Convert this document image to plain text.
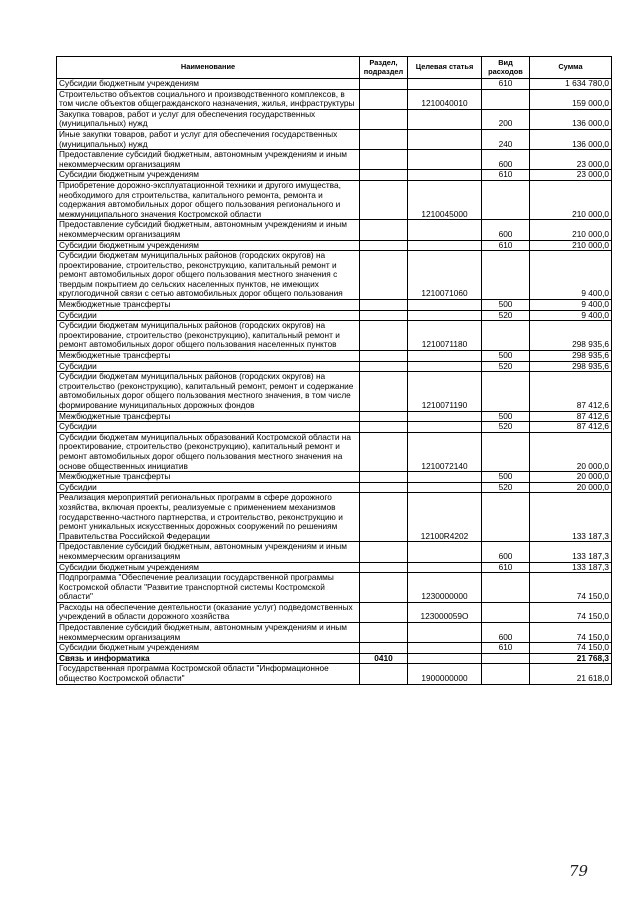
Наименование	Раздел, подраздел	Целевая статья	Вид расходов	Сумма
Субсидии бюджетным учреждениям			610	1 634 780,0
Строительство объектов социального и производственного комплексов, в том числе объектов общегражданского назначения, жилья, инфраструктуры		1210040010		159 000,0
Закупка товаров, работ и услуг для обеспечения государственных (муниципальных) нужд			200	136 000,0
Иные закупки товаров, работ и услуг для обеспечения государственных (муниципальных) нужд			240	136 000,0
Предоставление субсидий бюджетным, автономным учреждениям и иным некоммерческим организациям			600	23 000,0
Субсидии бюджетным учреждениям			610	23 000,0
Приобретение дорожно-эксплуатационной техники и другого имущества, необходимого для строительства, капитального ремонта, ремонта и содержания автомобильных дорог общего пользования регионального и межмуниципального значения Костромской области		1210045000		210 000,0
Предоставление субсидий бюджетным, автономным учреждениям и иным некоммерческим организациям			600	210 000,0
Субсидии бюджетным учреждениям			610	210 000,0
Субсидии бюджетам муниципальных районов (городских округов) на проектирование, строительство, реконструкцию, капитальный ремонт и ремонт автомобильных дорог общего пользования местного значения с твердым покрытием до сельских населенных пунктов, не имеющих круглогодичной связи с сетью автомобильных дорог общего пользования		1210071060		9 400,0
Межбюджетные трансферты			500	9 400,0
Субсидии			520	9 400,0
Субсидии бюджетам муниципальных районов (городских округов) на проектирование, строительство (реконструкцию), капитальный ремонт и ремонт автомобильных дорог общего пользования населенных пунктов		1210071180		298 935,6
Межбюджетные трансферты			500	298 935,6
Субсидии			520	298 935,6
Субсидии бюджетам муниципальных районов (городских округов) на строительство (реконструкцию), капитальный ремонт, ремонт и содержание автомобильных дорог общего пользования местного значения, в том числе формирование муниципальных дорожных фондов		1210071190		87 412,6
Межбюджетные трансферты			500	87 412,6
Субсидии			520	87 412,6
Субсидии бюджетам муниципальных образований Костромской области на проектирование, строительство (реконструкцию), капитальный ремонт и ремонт автомобильных дорог общего пользования местного значения на основе общественных инициатив		1210072140		20 000,0
Межбюджетные трансферты			500	20 000,0
Субсидии			520	20 000,0
Реализация мероприятий региональных программ в сфере дорожного хозяйства, включая проекты, реализуемые с применением механизмов государственно-частного партнерства, и строительство, реконструкцию и ремонт уникальных искусственных дорожных сооружений по решениям Правительства Российской Федерации		12100R4202		133 187,3
Предоставление субсидий бюджетным, автономным учреждениям и иным некоммерческим организациям			600	133 187,3
Субсидии бюджетным учреждениям			610	133 187,3
Подпрограмма "Обеспечение реализации государственной программы Костромской области "Развитие транспортной системы Костромской области"		1230000000		74 150,0
Расходы на обеспечение деятельности (оказание услуг) подведомственных учреждений в области дорожного хозяйства		123000059O		74 150,0
Предоставление субсидий бюджетным, автономным учреждениям и иным некоммерческим организациям			600	74 150,0
Субсидии бюджетным учреждениям			610	74 150,0
Связь и информатика	0410			21 768,3
Государственная программа Костромской области "Информационное общество Костромской области"		1900000000		21 618,0
79
